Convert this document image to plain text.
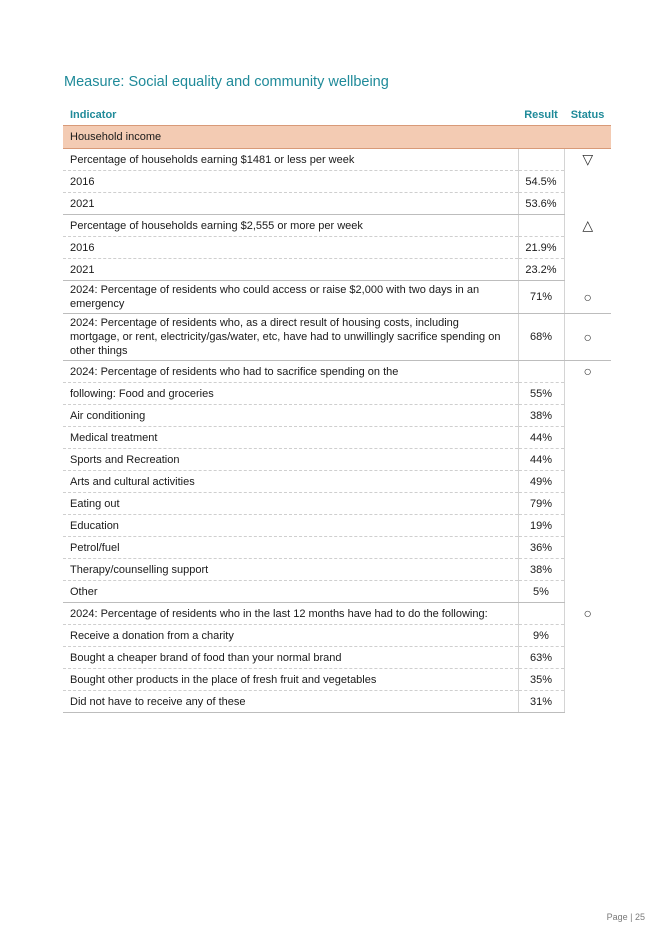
Measure: Social equality and community wellbeing
Indicator	Result	Status
Household income		
Percentage of households earning $1481 or less per week		▽
2016	54.5%	
2021	53.6%	
Percentage of households earning $2,555 or more per week		△
2016	21.9%	
2021	23.2%	
2024: Percentage of residents who could access or raise $2,000 with two days in an emergency	71%	○
2024: Percentage of residents who, as a direct result of housing costs, including mortgage, or rent, electricity/gas/water, etc, have had to unwillingly sacrifice spending on other things	68%	○
2024: Percentage of residents who had to sacrifice spending on the		○
following: Food and groceries	55%	
Air conditioning	38%	
Medical treatment	44%	
Sports and Recreation	44%	
Arts and cultural activities	49%	
Eating out	79%	
Education	19%	
Petrol/fuel	36%	
Therapy/counselling support	38%	
Other	5%	
2024: Percentage of residents who in the last 12 months have had to do the following:		○
Receive a donation from a charity	9%	
Bought a cheaper brand of food than your normal brand	63%	
Bought other products in the place of fresh fruit and vegetables	35%	
Did not have to receive any of these	31%	
Page | 25
